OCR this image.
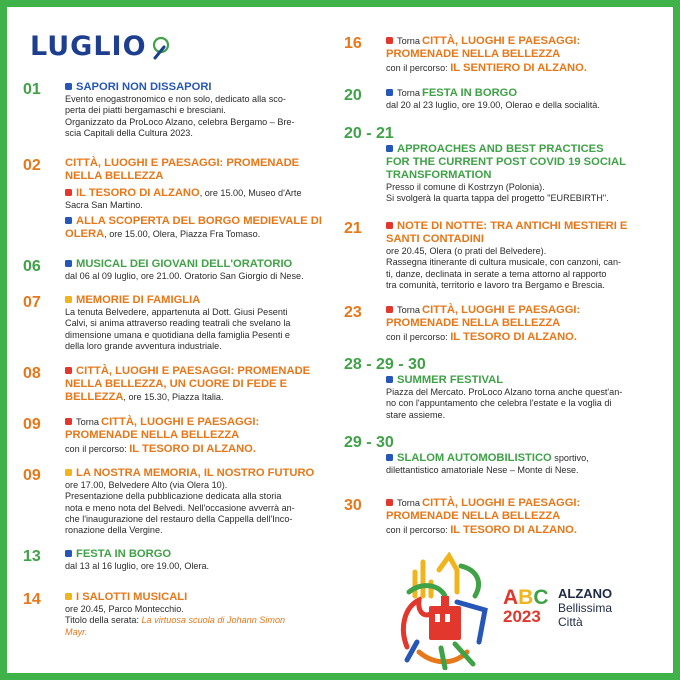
LUGLIO
01	SAPORI NON DISSAPORI
Evento enogastronomico e non solo, dedicato alla sco-
perta dei piatti bergamaschi e bresciani.
Organizzato da ProLoco Alzano, celebra Bergamo – Bre-
scia Capitali della Cultura 2023.
02 CITTÀ, LUOGHI E PAESAGGI: PROMENADE
NELLA BELLEZZA
IL TESORO DI ALZANO, ore 15.00, Museo d'Arte
Sacra San Martino.
ALLA SCOPERTA DEL BORGO MEDIEVALE DI
OLERA, ore 15.00, Olera, Piazza Fra Tomaso.
06	MUSICAL DEI GIOVANI DELL'ORATORIO
dal 06 al 09 luglio, ore 21.00. Oratorio San Giorgio di Nese.
07	MEMORIE DI FAMIGLIA
La tenuta Belvedere, appartenuta al Dott. Giusi Pesenti
Calvi, si anima attraverso reading teatrali che svelano la
dimensione umana e quotidiana della famiglia Pesenti e
della loro grande avventura industriale.
08	CITTÀ, LUOGHI E PAESAGGI: PROMENADE
NELLA BELLEZZA, UN CUORE DI FEDE E
BELLEZZA, ore 15.30, Piazza Italia.
09	Torna CITTÀ, LUOGHI E PAESAGGI:
PROMENADE NELLA BELLEZZA
con il percorso: IL TESORO DI ALZANO.
09	LA NOSTRA MEMORIA, IL NOSTRO FUTURO
ore 17.00, Belvedere Alto (via Olera 10).
Presentazione della pubblicazione dedicata alla storia
nota e meno nota del Belvedi. Nell'occasione avverrà an-
che l'inaugurazione del restauro della Cappella dell'Inco-
ronazione della Vergine.
13	FESTA IN BORGO
dal 13 al 16 luglio, ore 19.00, Olera.
14	I SALOTTI MUSICALI
ore 20.45, Parco Montecchio.
Titolo della serata: La virtuosa scuola di Johann Simon
Mayr.
16	Torna CITTÀ, LUOGHI E PAESAGGI:
PROMENADE NELLA BELLEZZA
con il percorso: IL SENTIERO DI ALZANO.
20	Torna FESTA IN BORGO
dal 20 al 23 luglio, ore 19.00, Olerao e della socialità.
20 - 21
APPROACHES AND BEST PRACTICES
FOR THE CURRENT POST COVID 19 SOCIAL
TRANSFORMATION
Presso il comune di Kostrzyn (Polonia).
Si svolgerà la quarta tappa del progetto "EUREBIRTH".
21	NOTE DI NOTTE: TRA ANTICHI MESTIERI E
SANTI CONTADINI
ore 20.45, Olera (o prati del Belvedere).
Rassegna itinerante di cultura musicale, con canzoni, can-
ti, danze, declinata in serate a tema attorno al rapporto
tra comunità, territorio e lavoro tra Bergamo e Brescia.
23	Torna CITTÀ, LUOGHI E PAESAGGI:
PROMENADE NELLA BELLEZZA
con il percorso: IL TESORO DI ALZANO.
28 - 29 - 30
SUMMER FESTIVAL
Piazza del Mercato. ProLoco Alzano torna anche quest'an-
no con l'appuntamento che celebra l'estate e la voglia di
stare assieme.
29 - 30
SLALOM AUTOMOBILISTICO sportivo,
dilettantistico amatoriale Nese – Monte di Nese.
30	Torna CITTÀ, LUOGHI E PAESAGGI:
PROMENADE NELLA BELLEZZA
con il percorso: IL TESORO DI ALZANO.
ABC
2023
ALZANO
Bellissima
Città
